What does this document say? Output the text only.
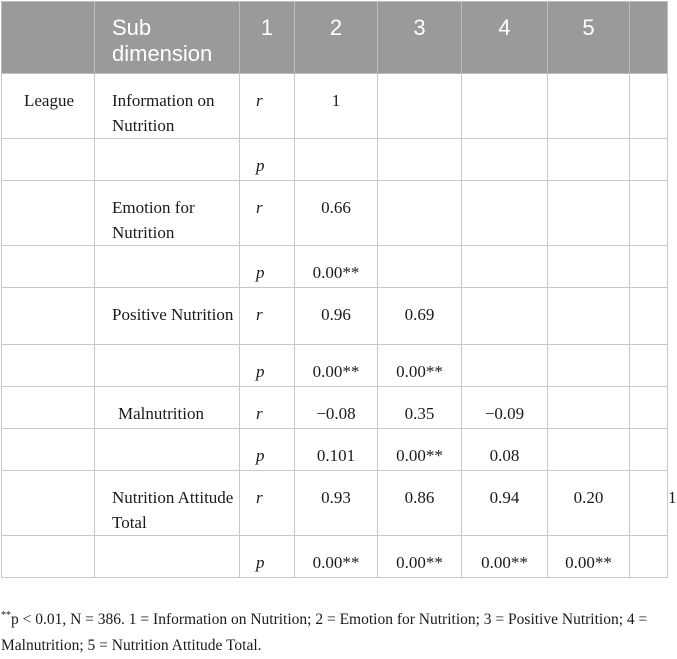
	Sub dimension	1	2	3	4	5		
League	Information on Nutrition	r	1					
		p						
	Emotion for Nutrition	r	0.66					
		p	0.00**					
	Positive Nutrition	r	0.96	0.69				
		p	0.00**	0.00**				
	Malnutrition	r	−0.08	0.35	−0.09			
		p	0.101	0.00**	0.08			
	Nutrition Attitude Total	r	0.93	0.86	0.94	0.20		1
		p	0.00**	0.00**	0.00**	0.00**		
**p < 0.01, N = 386. 1 = Information on Nutrition; 2 = Emotion for Nutrition; 3 = Positive Nutrition; 4 = Malnutrition; 5 = Nutrition Attitude Total.
